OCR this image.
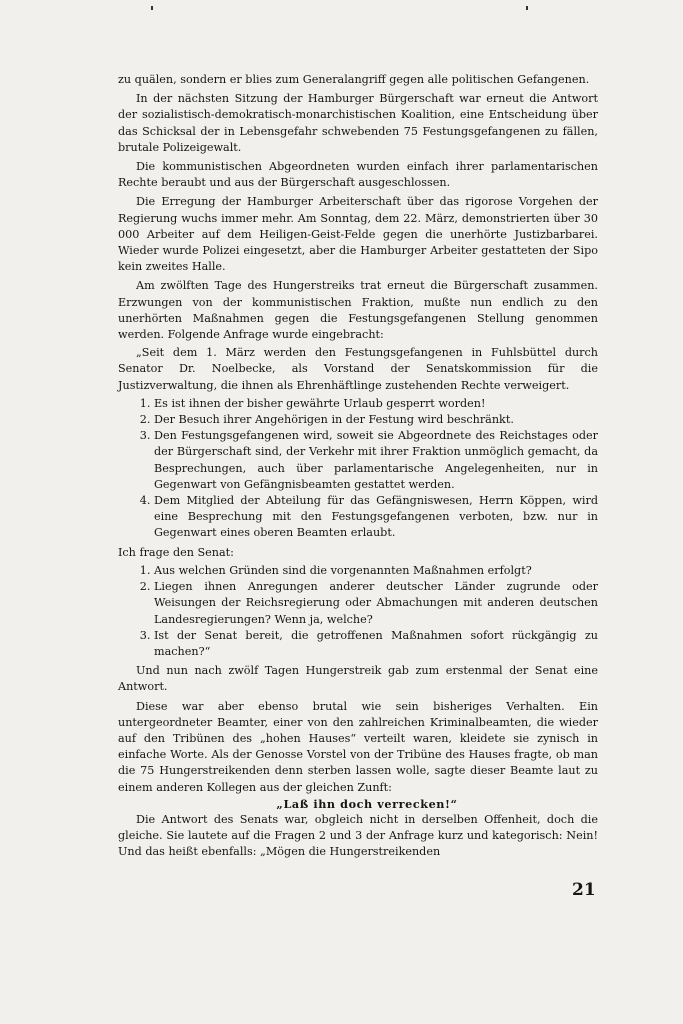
zu quälen, sondern er blies zum Generalangriff gegen alle politischen Gefangenen.

In der nächsten Sitzung der Hamburger Bürgerschaft war erneut die Antwort der sozialistisch-demokratisch-monarchistischen Koalition, eine Entscheidung über das Schicksal der in Lebensgefahr schwebenden 75 Festungsgefangenen zu fällen, brutale Polizeigewalt.

Die kommunistischen Abgeordneten wurden einfach ihrer parlamentarischen Rechte beraubt und aus der Bürgerschaft ausgeschlossen.

Die Erregung der Hamburger Arbeiterschaft über das rigorose Vorgehen der Regierung wuchs immer mehr. Am Sonntag, dem 22. März, demonstrierten über 30 000 Arbeiter auf dem Heiligen-Geist-Felde gegen die unerhörte Justizbarbarei. Wieder wurde Polizei eingesetzt, aber die Hamburger Arbeiter gestatteten der Sipo kein zweites Halle.

Am zwölften Tage des Hungerstreiks trat erneut die Bürgerschaft zusammen. Erzwungen von der kommunistischen Fraktion, mußte nun endlich zu den unerhörten Maßnahmen gegen die Festungsgefangenen Stellung genommen werden. Folgende Anfrage wurde eingebracht:

„Seit dem 1. März werden den Festungsgefangenen in Fuhlsbüttel durch Senator Dr. Noelbecke, als Vorstand der Senatskommission für die Justizverwaltung, die ihnen als Ehrenhäftlinge zustehenden Rechte verweigert.

1. Es ist ihnen der bisher gewährte Urlaub gesperrt worden!
2. Der Besuch ihrer Angehörigen in der Festung wird beschränkt.
3. Den Festungsgefangenen wird, soweit sie Abgeordnete des Reichstages oder der Bürgerschaft sind, der Verkehr mit ihrer Fraktion unmöglich gemacht, da Besprechungen, auch über parlamentarische Angelegenheiten, nur in Gegenwart von Gefängnisbeamten gestattet werden.
4. Dem Mitglied der Abteilung für das Gefängniswesen, Herrn Köppen, wird eine Besprechung mit den Festungsgefangenen verboten, bzw. nur in Gegenwart eines oberen Beamten erlaubt.

Ich frage den Senat:

1. Aus welchen Gründen sind die vorgenannten Maßnahmen erfolgt?
2. Liegen ihnen Anregungen anderer deutscher Länder zugrunde oder Weisungen der Reichsregierung oder Abmachungen mit anderen deutschen Landesregierungen? Wenn ja, welche?
3. Ist der Senat bereit, die getroffenen Maßnahmen sofort rückgängig zu machen?“

Und nun nach zwölf Tagen Hungerstreik gab zum erstenmal der Senat eine Antwort.

Diese war aber ebenso brutal wie sein bisheriges Verhalten. Ein untergeordneter Beamter, einer von den zahlreichen Kriminalbeamten, die wieder auf den Tribünen des „hohen Hauses“ verteilt waren, kleidete sie zynisch in einfache Worte. Als der Genosse Vorstel von der Tribüne des Hauses fragte, ob man die 75 Hungerstreikenden denn sterben lassen wolle, sagte dieser Beamte laut zu einem anderen Kollegen aus der gleichen Zunft:

„Laß ihn doch verrecken!“

Die Antwort des Senats war, obgleich nicht in derselben Offenheit, doch die gleiche. Sie lautete auf die Fragen 2 und 3 der Anfrage kurz und kategorisch: Nein! Und das heißt ebenfalls: „Mögen die Hungerstreikenden

21
